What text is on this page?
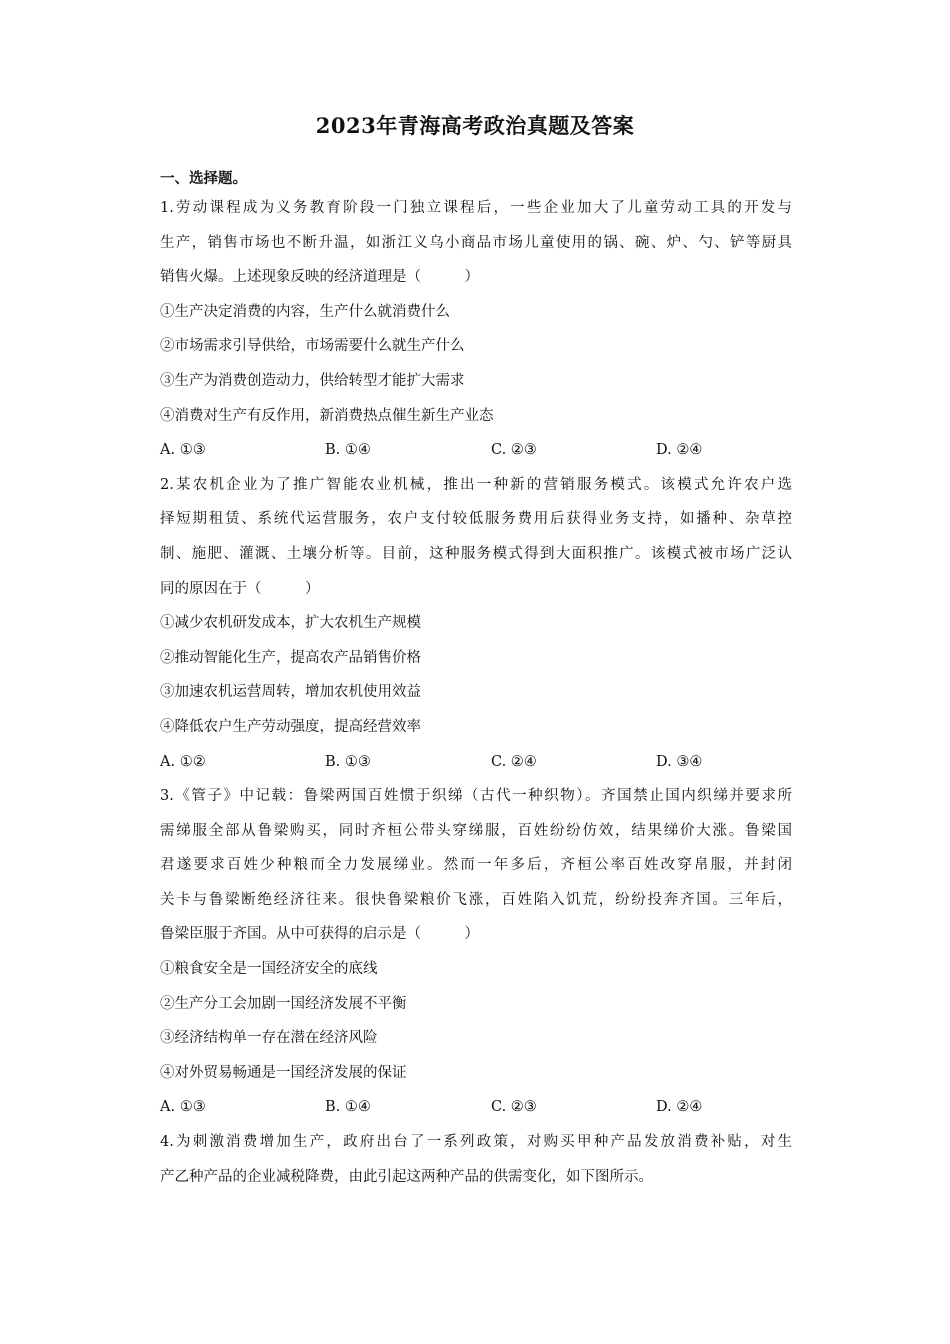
2023年青海高考政治真题及答案
一、选择题。
1.劳动课程成为义务教育阶段一门独立课程后，一些企业加大了儿童劳动工具的开发与
生产，销售市场也不断升温，如浙江义乌小商品市场儿童使用的锅、碗、炉、勺、铲等厨具
销售火爆。上述现象反映的经济道理是（　　　）
①生产决定消费的内容，生产什么就消费什么
②市场需求引导供给，市场需要什么就生产什么
③生产为消费创造动力，供给转型才能扩大需求
④消费对生产有反作用，新消费热点催生新生产业态
A. ①③	B. ①④	C. ②③	D. ②④
2.某农机企业为了推广智能农业机械，推出一种新的营销服务模式。该模式允许农户选
择短期租赁、系统代运营服务，农户支付较低服务费用后获得业务支持，如播种、杂草控
制、施肥、灌溉、土壤分析等。目前，这种服务模式得到大面积推广。该模式被市场广泛认
同的原因在于（　　　）
①减少农机研发成本，扩大农机生产规模
②推动智能化生产，提高农产品销售价格
③加速农机运营周转，增加农机使用效益
④降低农户生产劳动强度，提高经营效率
A. ①②	B. ①③	C. ②④	D. ③④
3.《管子》中记载：鲁梁两国百姓惯于织绨（古代一种织物）。齐国禁止国内织绨并要求所
需绨服全部从鲁梁购买，同时齐桓公带头穿绨服，百姓纷纷仿效，结果绨价大涨。鲁梁国
君遂要求百姓少种粮而全力发展绨业。然而一年多后，齐桓公率百姓改穿帛服，并封闭
关卡与鲁梁断绝经济往来。很快鲁梁粮价飞涨，百姓陷入饥荒，纷纷投奔齐国。三年后，
鲁梁臣服于齐国。从中可获得的启示是（　　　）
①粮食安全是一国经济安全的底线
②生产分工会加剧一国经济发展不平衡
③经济结构单一存在潜在经济风险
④对外贸易畅通是一国经济发展的保证
A. ①③	B. ①④	C. ②③	D. ②④
4.为刺激消费增加生产，政府出台了一系列政策，对购买甲种产品发放消费补贴，对生
产乙种产品的企业减税降费，由此引起这两种产品的供需变化，如下图所示。
